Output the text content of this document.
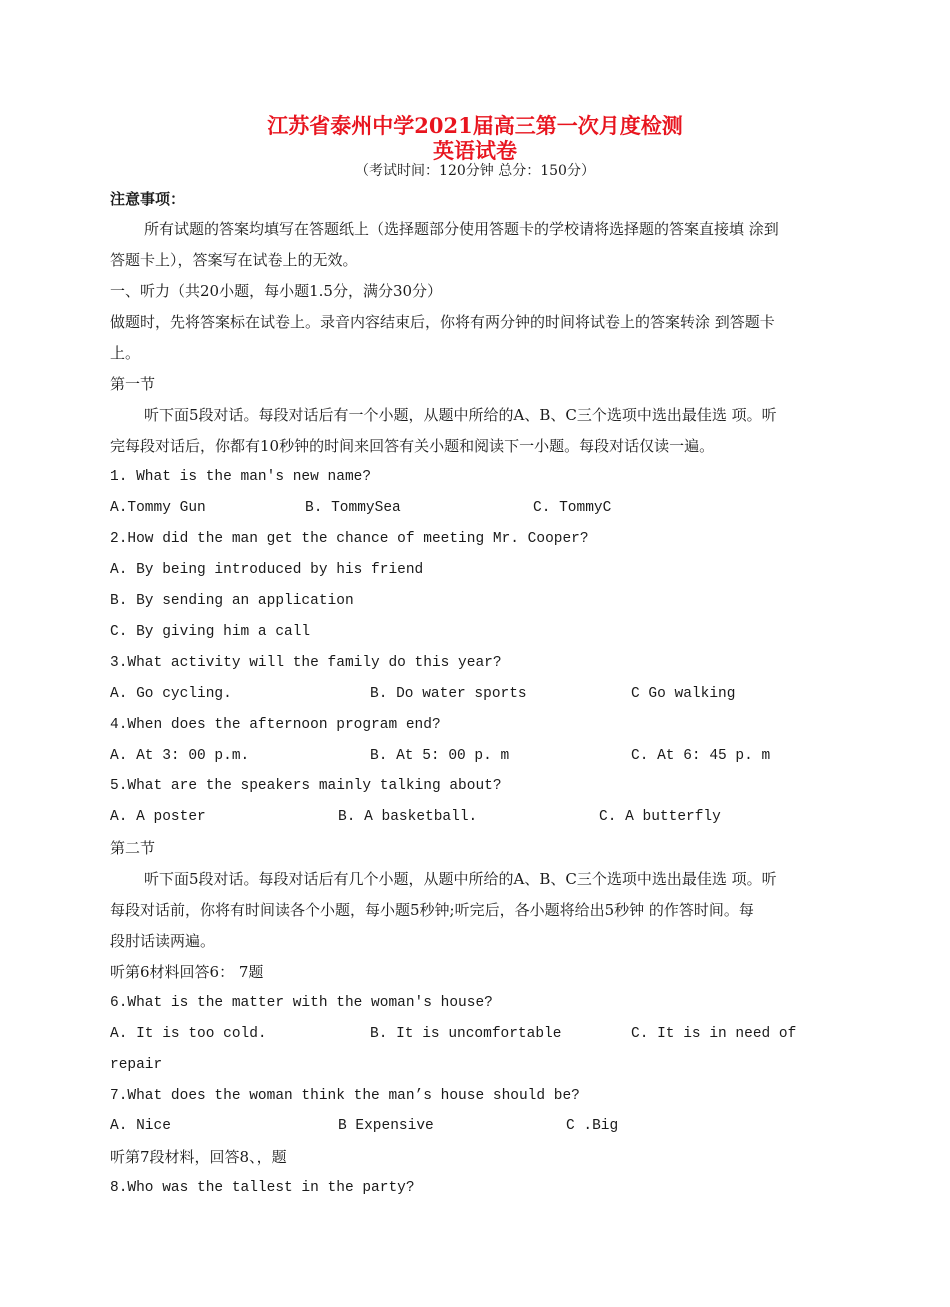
江苏省泰州中学2021届高三第一次月度检测
英语试卷
（考试时间：120分钟 总分：150分）
注意事项：
所有试题的答案均填写在答题纸上（选择题部分使用答题卡的学校请将选择题的答案直接填 涂到
答题卡上），答案写在试卷上的无效。
一、听力（共20小题，每小题1.5分，满分30分）
做题时，先将答案标在试卷上。录音内容结束后，你将有两分钟的时间将试卷上的答案转涂 到答题卡
上。
第一节
听下面5段对话。每段对话后有一个小题，从题中所给的A、B、C三个选项中选出最佳选 项。听
完每段对话后，你都有10秒钟的时间来回答有关小题和阅读下一小题。每段对话仅读一遍。
1. What is the man's new name?
A.Tommy Gun	B. TommySea	C. TommyC
2.How did the man get the chance of meeting Mr. Cooper?
A. By being introduced by his friend
B. By sending an application
C. By giving him a call
3.What activity will the family do this year?
A. Go cycling.	B. Do water sports	C Go walking
4.When does the afternoon program end?
A. At 3: 00 p.m.	B. At 5: 00 p. m	C. At 6: 45 p. m
5.What are the speakers mainly talking about?
A. A poster	B. A basketball.	C. A butterfly
第二节
听下面5段对话。每段对话后有几个小题，从题中所给的A、B、C三个选项中选出最佳选 项。听
每段对话前，你将有时间读各个小题，每小题5秒钟;听完后，各小题将给出5秒钟 的作答时间。每
段肘话读两遍。
听第6材料回答6： 7题
6.What is the matter with the woman's house?
A. It is too cold.	B. It is uncomfortable	C. It is in need of
repair
7.What does the woman think the man’s house should be?
A. Nice	B Expensive	C .Big
听第7段材料，回答8、，题
8.Who was the tallest in the party?
